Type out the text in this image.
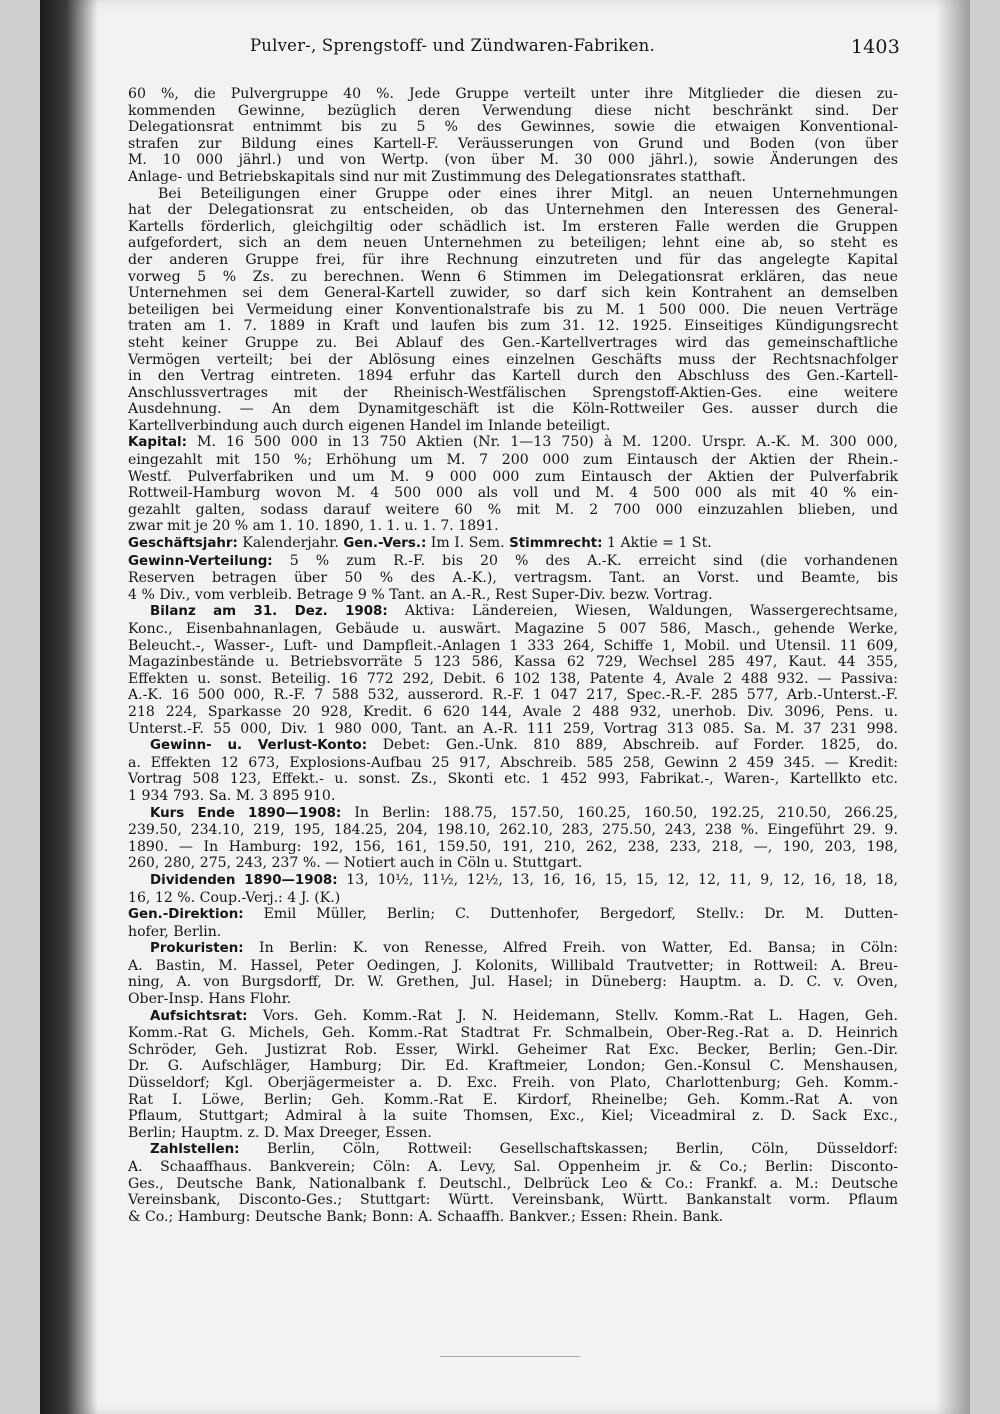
Pulver-, Sprengstoff- und Zündwaren-Fabriken.	1403
60 %, die Pulvergruppe 40 %. Jede Gruppe verteilt unter ihre Mitglieder die diesen zu-
kommenden Gewinne, bezüglich deren Verwendung diese nicht beschränkt sind. Der
Delegationsrat entnimmt bis zu 5 % des Gewinnes, sowie die etwaigen Konventional-
strafen zur Bildung eines Kartell-F. Veräusserungen von Grund und Boden (von über
M. 10 000 jährl.) und von Wertp. (von über M. 30 000 jährl.), sowie Änderungen des
Anlage- und Betriebskapitals sind nur mit Zustimmung des Delegationsrates statthaft.
Bei Beteiligungen einer Gruppe oder eines ihrer Mitgl. an neuen Unternehmungen
hat der Delegationsrat zu entscheiden, ob das Unternehmen den Interessen des General-
Kartells förderlich, gleichgiltig oder schädlich ist. Im ersteren Falle werden die Gruppen
aufgefordert, sich an dem neuen Unternehmen zu beteiligen; lehnt eine ab, so steht es
der anderen Gruppe frei, für ihre Rechnung einzutreten und für das angelegte Kapital
vorweg 5 % Zs. zu berechnen. Wenn 6 Stimmen im Delegationsrat erklären, das neue
Unternehmen sei dem General-Kartell zuwider, so darf sich kein Kontrahent an demselben
beteiligen bei Vermeidung einer Konventionalstrafe bis zu M. 1 500 000. Die neuen Verträge
traten am 1. 7. 1889 in Kraft und laufen bis zum 31. 12. 1925. Einseitiges Kündigungsrecht
steht keiner Gruppe zu. Bei Ablauf des Gen.-Kartellvertrages wird das gemeinschaftliche
Vermögen verteilt; bei der Ablösung eines einzelnen Geschäfts muss der Rechtsnachfolger
in den Vertrag eintreten. 1894 erfuhr das Kartell durch den Abschluss des Gen.-Kartell-
Anschlussvertrages mit der Rheinisch-Westfälischen Sprengstoff-Aktien-Ges. eine weitere
Ausdehnung. — An dem Dynamitgeschäft ist die Köln-Rottweiler Ges. ausser durch die
Kartellverbindung auch durch eigenen Handel im Inlande beteiligt.
Kapital: M. 16 500 000 in 13 750 Aktien (Nr. 1—13 750) à M. 1200. Urspr. A.-K. M. 300 000,
eingezahlt mit 150 %; Erhöhung um M. 7 200 000 zum Eintausch der Aktien der Rhein.-
Westf. Pulverfabriken und um M. 9 000 000 zum Eintausch der Aktien der Pulverfabrik
Rottweil-Hamburg wovon M. 4 500 000 als voll und M. 4 500 000 als mit 40 % ein-
gezahlt galten, sodass darauf weitere 60 % mit M. 2 700 000 einzuzahlen blieben, und
zwar mit je 20 % am 1. 10. 1890, 1. 1. u. 1. 7. 1891.
Geschäftsjahr: Kalenderjahr. Gen.-Vers.: Im I. Sem. Stimmrecht: 1 Aktie = 1 St.
Gewinn-Verteilung: 5 % zum R.-F. bis 20 % des A.-K. erreicht sind (die vorhandenen
Reserven betragen über 50 % des A.-K.), vertragsm. Tant. an Vorst. und Beamte, bis
4 % Div., vom verbleib. Betrage 9 % Tant. an A.-R., Rest Super-Div. bezw. Vortrag.
Bilanz am 31. Dez. 1908: Aktiva: Ländereien, Wiesen, Waldungen, Wassergerechtsame,
Konc., Eisenbahnanlagen, Gebäude u. auswärt. Magazine 5 007 586, Masch., gehende Werke,
Beleucht.-, Wasser-, Luft- und Dampfleit.-Anlagen 1 333 264, Schiffe 1, Mobil. und Utensil. 11 609,
Magazinbestände u. Betriebsvorräte 5 123 586, Kassa 62 729, Wechsel 285 497, Kaut. 44 355,
Effekten u. sonst. Beteilig. 16 772 292, Debit. 6 102 138, Patente 4, Avale 2 488 932. — Passiva:
A.-K. 16 500 000, R.-F. 7 588 532, ausserord. R.-F. 1 047 217, Spec.-R.-F. 285 577, Arb.-Unterst.-F.
218 224, Sparkasse 20 928, Kredit. 6 620 144, Avale 2 488 932, unerhob. Div. 3096, Pens. u.
Unterst.-F. 55 000, Div. 1 980 000, Tant. an A.-R. 111 259, Vortrag 313 085. Sa. M. 37 231 998.
Gewinn- u. Verlust-Konto: Debet: Gen.-Unk. 810 889, Abschreib. auf Forder. 1825, do.
a. Effekten 12 673, Explosions-Aufbau 25 917, Abschreib. 585 258, Gewinn 2 459 345. — Kredit:
Vortrag 508 123, Effekt.- u. sonst. Zs., Skonti etc. 1 452 993, Fabrikat.-, Waren-, Kartellkto etc.
1 934 793. Sa. M. 3 895 910.
Kurs Ende 1890—1908: In Berlin: 188.75, 157.50, 160.25, 160.50, 192.25, 210.50, 266.25,
239.50, 234.10, 219, 195, 184.25, 204, 198.10, 262.10, 283, 275.50, 243, 238 %. Eingeführt 29. 9.
1890. — In Hamburg: 192, 156, 161, 159.50, 191, 210, 262, 238, 233, 218, —, 190, 203, 198,
260, 280, 275, 243, 237 %. — Notiert auch in Cöln u. Stuttgart.
Dividenden 1890—1908: 13, 10½, 11½, 12½, 13, 16, 16, 15, 15, 12, 12, 11, 9, 12, 16, 18, 18,
16, 12 %. Coup.-Verj.: 4 J. (K.)
Gen.-Direktion: Emil Müller, Berlin; C. Duttenhofer, Bergedorf, Stellv.: Dr. M. Dutten-
hofer, Berlin.
Prokuristen: In Berlin: K. von Renesse, Alfred Freih. von Watter, Ed. Bansa; in Cöln:
A. Bastin, M. Hassel, Peter Oedingen, J. Kolonits, Willibald Trautvetter; in Rottweil: A. Breu-
ning, A. von Burgsdorff, Dr. W. Grethen, Jul. Hasel; in Düneberg: Hauptm. a. D. C. v. Oven,
Ober-Insp. Hans Flohr.
Aufsichtsrat: Vors. Geh. Komm.-Rat J. N. Heidemann, Stellv. Komm.-Rat L. Hagen, Geh.
Komm.-Rat G. Michels, Geh. Komm.-Rat Stadtrat Fr. Schmalbein, Ober-Reg.-Rat a. D. Heinrich
Schröder, Geh. Justizrat Rob. Esser, Wirkl. Geheimer Rat Exc. Becker, Berlin; Gen.-Dir.
Dr. G. Aufschläger, Hamburg; Dir. Ed. Kraftmeier, London; Gen.-Konsul C. Menshausen,
Düsseldorf; Kgl. Oberjägermeister a. D. Exc. Freih. von Plato, Charlottenburg; Geh. Komm.-
Rat I. Löwe, Berlin; Geh. Komm.-Rat E. Kirdorf, Rheinelbe; Geh. Komm.-Rat A. von
Pflaum, Stuttgart; Admiral à la suite Thomsen, Exc., Kiel; Viceadmiral z. D. Sack Exc.,
Berlin; Hauptm. z. D. Max Dreeger, Essen.
Zahlstellen: Berlin, Cöln, Rottweil: Gesellschaftskassen; Berlin, Cöln, Düsseldorf:
A. Schaaffhaus. Bankverein; Cöln: A. Levy, Sal. Oppenheim jr. & Co.; Berlin: Disconto-
Ges., Deutsche Bank, Nationalbank f. Deutschl., Delbrück Leo & Co.: Frankf. a. M.: Deutsche
Vereinsbank, Disconto-Ges.; Stuttgart: Württ. Vereinsbank, Württ. Bankanstalt vorm. Pflaum
& Co.; Hamburg: Deutsche Bank; Bonn: A. Schaaffh. Bankver.; Essen: Rhein. Bank.
